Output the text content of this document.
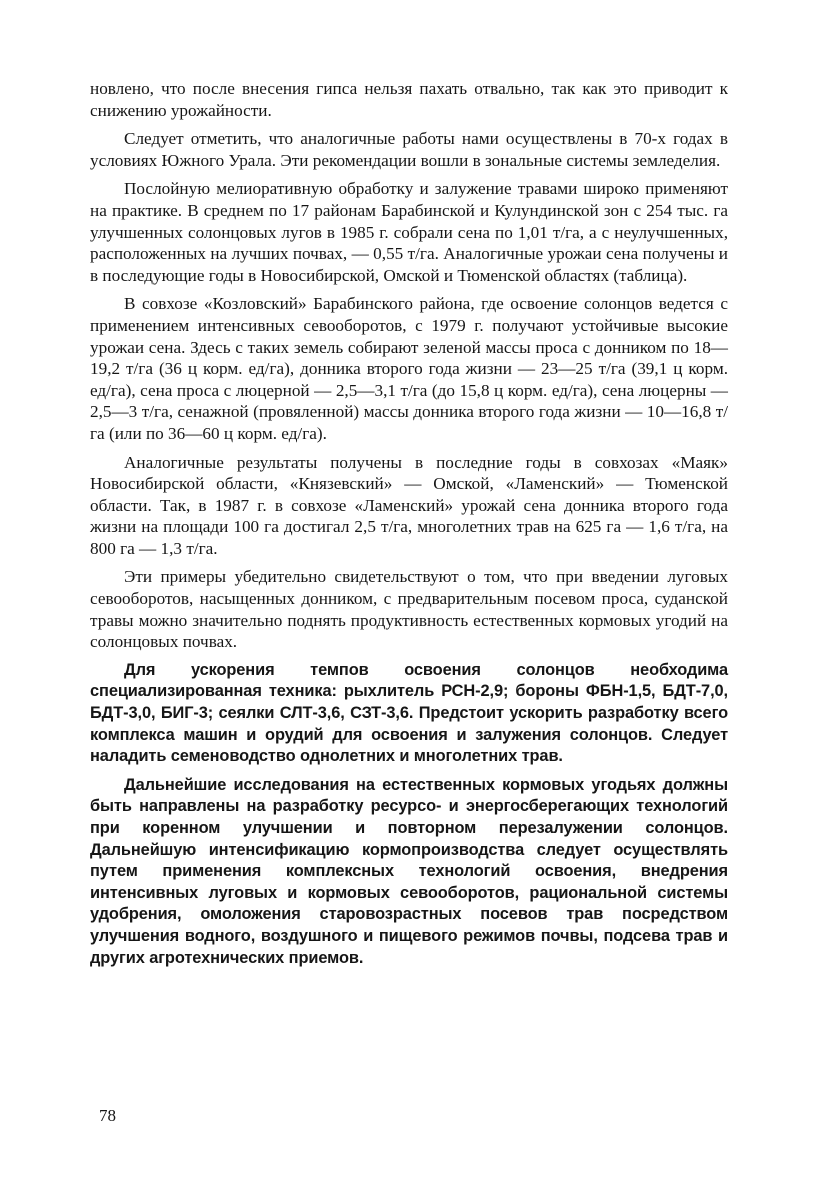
новлено, что после внесения гипса нельзя пахать отвально, так как это приводит к снижению урожайности.

Следует отметить, что аналогичные работы нами осуществлены в 70-х годах в условиях Южного Урала. Эти рекомендации вошли в зональные системы земледелия.

Послойную мелиоративную обработку и залужение травами широко применяют на практике. В среднем по 17 районам Барабинской и Кулундинской зон с 254 тыс. га улучшенных солонцовых лугов в 1985 г. собрали сена по 1,01 т/га, а с неулучшенных, расположенных на лучших почвах, — 0,55 т/га. Аналогичные урожаи сена получены и в последующие годы в Новосибирской, Омской и Тюменской областях (таблица).

В совхозе «Козловский» Барабинского района, где освоение солонцов ведется с применением интенсивных севооборотов, с 1979 г. получают устойчивые высокие урожаи сена. Здесь с таких земель собирают зеленой массы проса с донником по 18—19,2 т/га (36 ц корм. ед/га), донника второго года жизни — 23—25 т/га (39,1 ц корм. ед/га), сена проса с люцерной — 2,5—3,1 т/га (до 15,8 ц корм. ед/га), сена люцерны — 2,5—3 т/га, сенажной (провяленной) массы донника второго года жизни — 10—16,8 т/га (или по 36—60 ц корм. ед/га).

Аналогичные результаты получены в последние годы в совхозах «Маяк» Новосибирской области, «Князевский» — Омской, «Ламенский» — Тюменской области. Так, в 1987 г. в совхозе «Ламенский» урожай сена донника второго года жизни на площади 100 га достигал 2,5 т/га, многолетних трав на 625 га — 1,6 т/га, на 800 га — 1,3 т/га.

Эти примеры убедительно свидетельствуют о том, что при введении луговых севооборотов, насыщенных донником, с предварительным посевом проса, суданской травы можно значительно поднять продуктивность естественных кормовых угодий на солонцовых почвах.

Для ускорения темпов освоения солонцов необходима специализированная техника: рыхлитель РСН-2,9; бороны ФБН-1,5, БДТ-7,0, БДТ-3,0, БИГ-3; сеялки СЛТ-3,6, СЗТ-3,6. Предстоит ускорить разработку всего комплекса машин и орудий для освоения и залужения солонцов. Следует наладить семеноводство однолетних и многолетних трав.

Дальнейшие исследования на естественных кормовых угодьях должны быть направлены на разработку ресурсо- и энергосберегающих технологий при коренном улучшении и повторном перезалужении солонцов. Дальнейшую интенсификацию кормопроизводства следует осуществлять путем применения комплексных технологий освоения, внедрения интенсивных луговых и кормовых севооборотов, рациональной системы удобрения, омоложения старовозрастных посевов трав посредством улучшения водного, воздушного и пищевого режимов почвы, подсева трав и других агротехнических приемов.

78
